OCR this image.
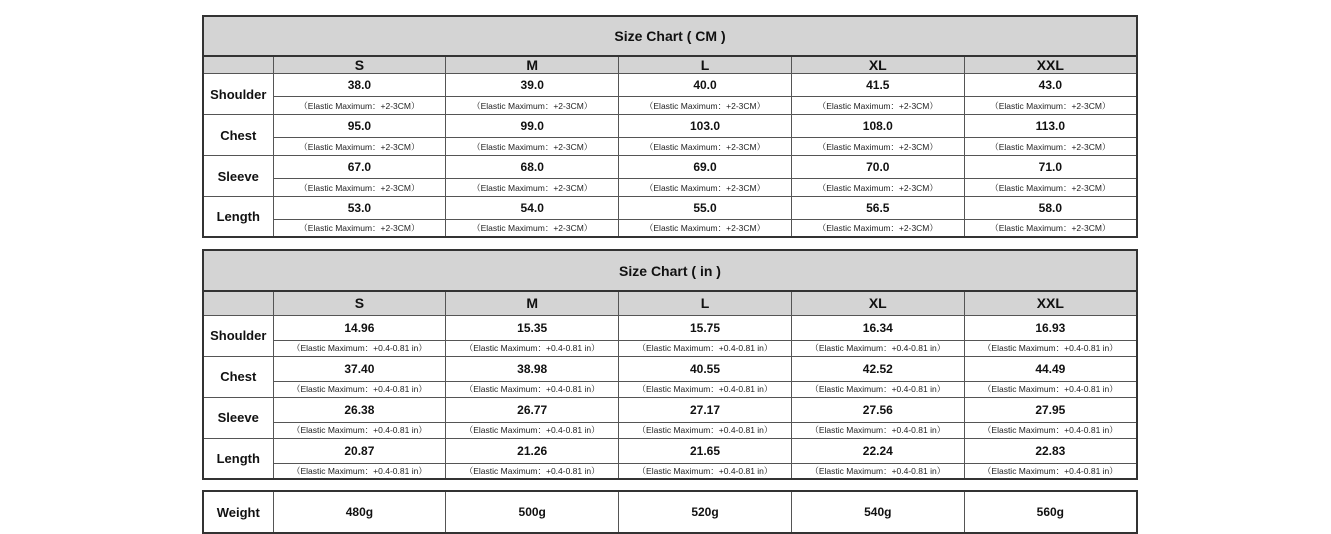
Size Chart ( CM )					
	S	M	L	XL	XXL
Shoulder	38.0	39.0	40.0	41.5	43.0
	（Elastic Maximum：+2-3CM）	（Elastic Maximum：+2-3CM）	（Elastic Maximum：+2-3CM）	（Elastic Maximum：+2-3CM）	（Elastic Maximum：+2-3CM）
Chest	95.0	99.0	103.0	108.0	113.0
	（Elastic Maximum：+2-3CM）	（Elastic Maximum：+2-3CM）	（Elastic Maximum：+2-3CM）	（Elastic Maximum：+2-3CM）	（Elastic Maximum：+2-3CM）
Sleeve	67.0	68.0	69.0	70.0	71.0
	（Elastic Maximum：+2-3CM）	（Elastic Maximum：+2-3CM）	（Elastic Maximum：+2-3CM）	（Elastic Maximum：+2-3CM）	（Elastic Maximum：+2-3CM）
Length	53.0	54.0	55.0	56.5	58.0
	（Elastic Maximum：+2-3CM）	（Elastic Maximum：+2-3CM）	（Elastic Maximum：+2-3CM）	（Elastic Maximum：+2-3CM）	（Elastic Maximum：+2-3CM）
Size Chart ( in )					
	S	M	L	XL	XXL
Shoulder	14.96	15.35	15.75	16.34	16.93
	（Elastic Maximum：+0.4-0.81 in）	（Elastic Maximum：+0.4-0.81 in）	（Elastic Maximum：+0.4-0.81 in）	（Elastic Maximum：+0.4-0.81 in）	（Elastic Maximum：+0.4-0.81 in）
Chest	37.40	38.98	40.55	42.52	44.49
	（Elastic Maximum：+0.4-0.81 in）	（Elastic Maximum：+0.4-0.81 in）	（Elastic Maximum：+0.4-0.81 in）	（Elastic Maximum：+0.4-0.81 in）	（Elastic Maximum：+0.4-0.81 in）
Sleeve	26.38	26.77	27.17	27.56	27.95
	（Elastic Maximum：+0.4-0.81 in）	（Elastic Maximum：+0.4-0.81 in）	（Elastic Maximum：+0.4-0.81 in）	（Elastic Maximum：+0.4-0.81 in）	（Elastic Maximum：+0.4-0.81 in）
Length	20.87	21.26	21.65	22.24	22.83
	（Elastic Maximum：+0.4-0.81 in）	（Elastic Maximum：+0.4-0.81 in）	（Elastic Maximum：+0.4-0.81 in）	（Elastic Maximum：+0.4-0.81 in）	（Elastic Maximum：+0.4-0.81 in）
Weight	480g	500g	520g	540g	560g
